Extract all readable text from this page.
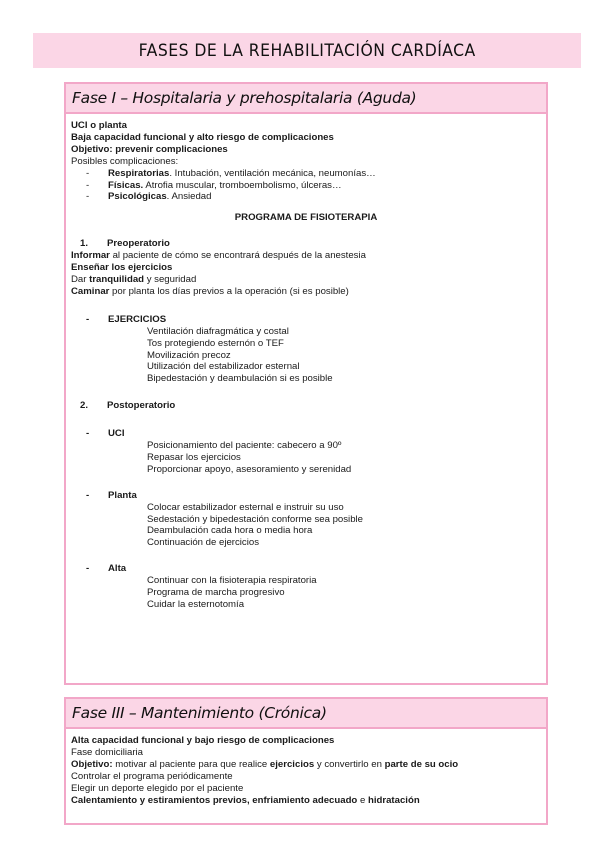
FASES DE LA REHABILITACIÓN CARDÍACA
Fase I – Hospitalaria y prehospitalaria (Aguda)
UCI o planta
Baja capacidad funcional y alto riesgo de complicaciones
Objetivo: prevenir complicaciones
Posibles complicaciones:
- Respiratorias. Intubación, ventilación mecánica, neumonías…
- Físicas. Atrofia muscular, tromboembolismo, úlceras…
- Psicológicas. Ansiedad
PROGRAMA DE FISIOTERAPIA
1. Preoperatorio
Informar al paciente de cómo se encontrará después de la anestesia
Enseñar los ejercicios
Dar tranquilidad y seguridad
Caminar por planta los días previos a la operación (si es posible)
- EJERCICIOS
Ventilación diafragmática y costal
Tos protegiendo esternón o TEF
Movilización precoz
Utilización del estabilizador esternal
Bipedestación y deambulación si es posible
2. Postoperatorio
- UCI
Posicionamiento del paciente: cabecero a 90º
Repasar los ejercicios
Proporcionar apoyo, asesoramiento y serenidad
- Planta
Colocar estabilizador esternal e instruir su uso
Sedestación y bipedestación conforme sea posible
Deambulación cada hora o media hora
Continuación de ejercicios
- Alta
Continuar con la fisioterapia respiratoria
Programa de marcha progresivo
Cuidar la esternotomía
Fase III – Mantenimiento (Crónica)
Alta capacidad funcional y bajo riesgo de complicaciones
Fase domiciliaria
Objetivo: motivar al paciente para que realice ejercicios y convertirlo en parte de su ocio
Controlar el programa periódicamente
Elegir un deporte elegido por el paciente
Calentamiento y estiramientos previos, enfriamiento adecuado e hidratación
